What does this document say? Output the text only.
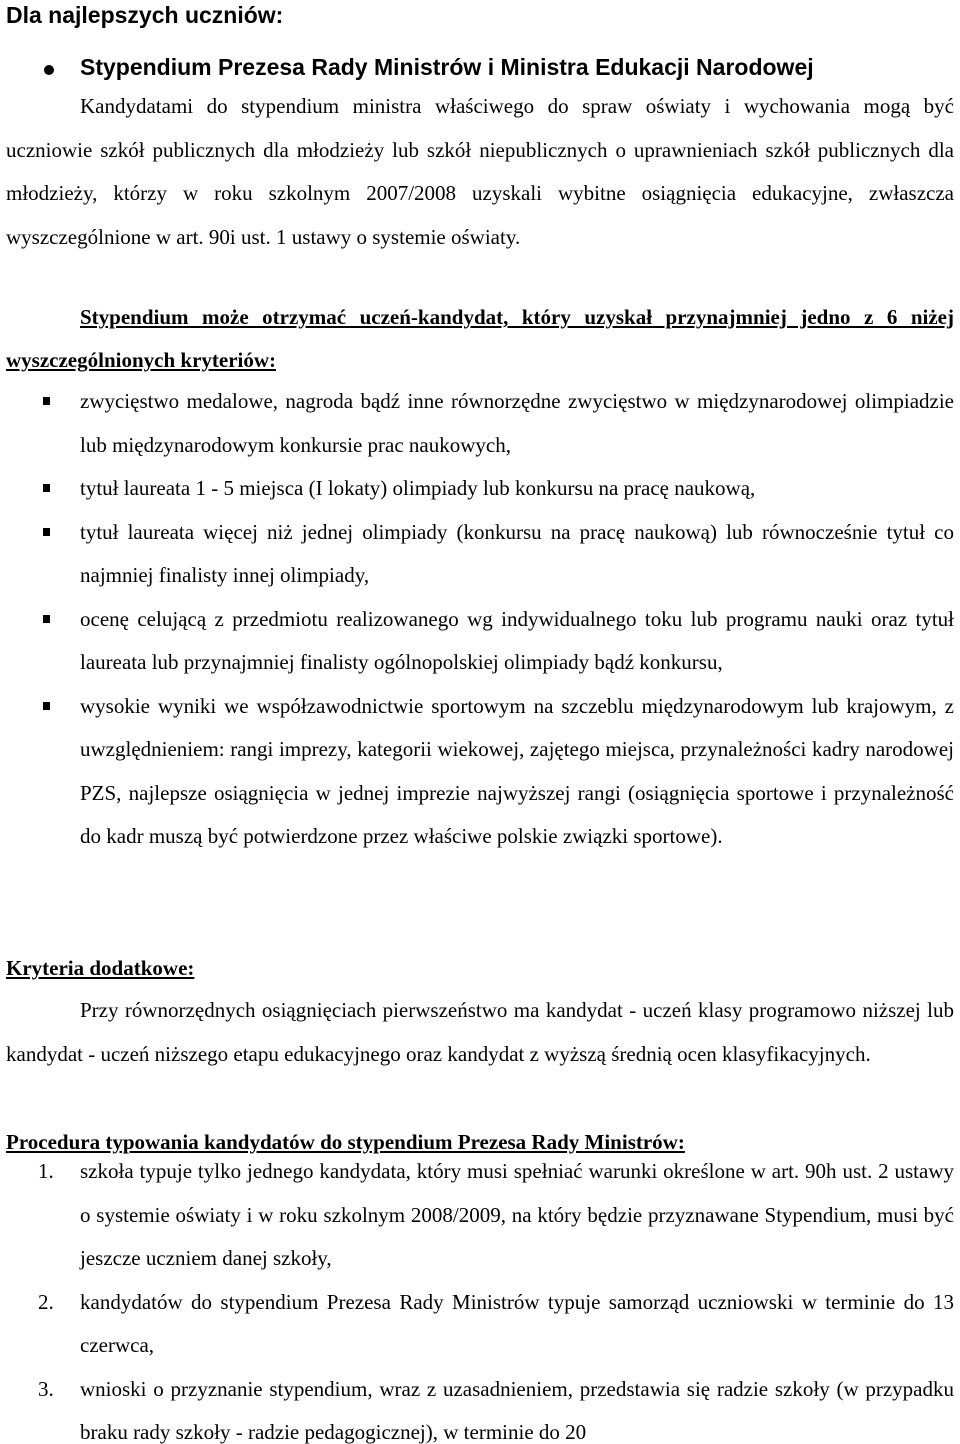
Dla najlepszych uczniów:
Stypendium Prezesa Rady Ministrów i Ministra Edukacji Narodowej

Kandydatami do stypendium ministra właściwego do spraw oświaty i wychowania mogą być uczniowie szkół publicznych dla młodzieży lub szkół niepublicznych o uprawnieniach szkół publicznych dla młodzieży, którzy w roku szkolnym 2007/2008 uzyskali wybitne osiągnięcia edukacyjne, zwłaszcza wyszczególnione w art. 90i ust. 1 ustawy o systemie oświaty.

Stypendium może otrzymać uczeń-kandydat, który uzyskał przynajmniej jedno z 6 niżej wyszczególnionych kryteriów:

zwycięstwo medalowe, nagroda bądź inne równorzędne zwycięstwo w międzynarodowej olimpiadzie lub międzynarodowym konkursie prac naukowych,
tytuł laureata 1 - 5 miejsca (I lokaty) olimpiady lub konkursu na pracę naukową,
tytuł laureata więcej niż jednej olimpiady (konkursu na pracę naukową) lub równocześnie tytuł co najmniej finalisty innej olimpiady,
ocenę celującą z przedmiotu realizowanego wg indywidualnego toku lub programu nauki oraz tytuł laureata lub przynajmniej finalisty ogólnopolskiej olimpiady bądź konkursu,
wysokie wyniki we współzawodnictwie sportowym na szczeblu międzynarodowym lub krajowym, z uwzględnieniem: rangi imprezy, kategorii wiekowej, zajętego miejsca, przynależności kadry narodowej PZS, najlepsze osiągnięcia w jednej imprezie najwyższej rangi (osiągnięcia sportowe i przynależność do kadr muszą być potwierdzone przez właściwe polskie związki sportowe).
Kryteria dodatkowe:

Przy równorzędnych osiągnięciach pierwszeństwo ma kandydat - uczeń klasy programowo niższej lub kandydat - uczeń niższego etapu edukacyjnego oraz kandydat z wyższą średnią ocen klasyfikacyjnych.

Procedura typowania kandydatów do stypendium Prezesa Rady Ministrów:
1. szkoła typuje tylko jednego kandydata, który musi spełniać warunki określone w art. 90h ust. 2 ustawy o systemie oświaty i w roku szkolnym 2008/2009, na który będzie przyznawane Stypendium, musi być jeszcze uczniem danej szkoły,
2. kandydatów do stypendium Prezesa Rady Ministrów typuje samorząd uczniowski w terminie do 13 czerwca,
3. wnioski o przyznanie stypendium, wraz z uzasadnieniem, przedstawia się radzie szkoły (w przypadku braku rady szkoły - radzie pedagogicznej), w terminie do 20
